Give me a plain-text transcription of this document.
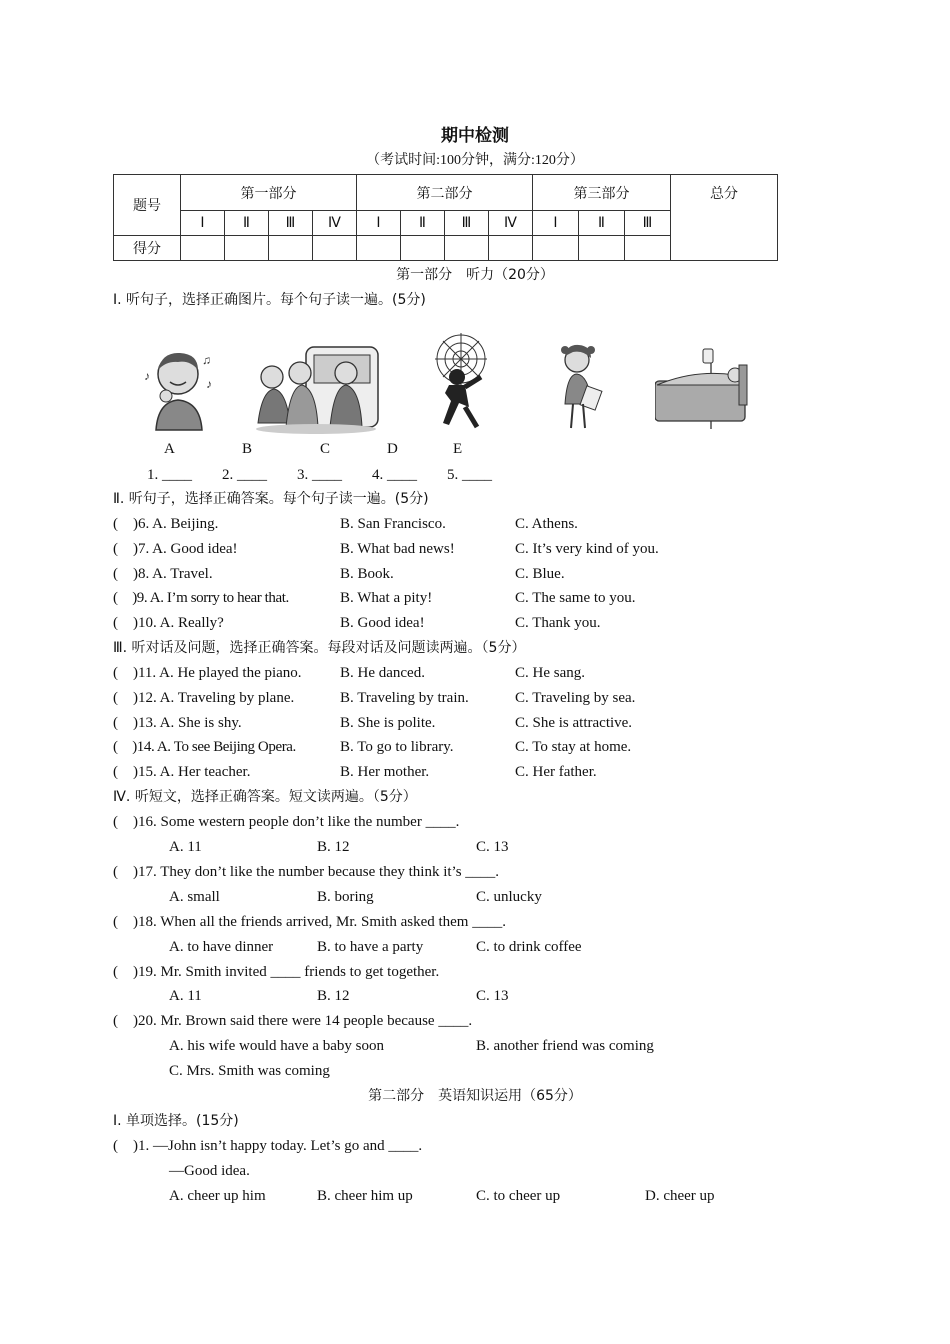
期中检测
（考试时间:100分钟，满分:120分）
题号	第一部分				第二部分				第三部分			总分
	Ⅰ	Ⅱ	Ⅲ	Ⅳ	Ⅰ	Ⅱ	Ⅲ	Ⅳ	Ⅰ	Ⅱ	Ⅲ	
得分												
第一部分　听力（20分）
Ⅰ. 听句子，选择正确图片。每个句子读一遍。(5分)
♪
♫
♪
A	B	C	D	E
1. ____　　2. ____　　3. ____　　4. ____　　5. ____
Ⅱ. 听句子，选择正确答案。每个句子读一遍。(5分)
(　)6. A. Beijing.	B. San Francisco.	C. Athens.
(　)7. A. Good idea!	B. What bad news!	C. It’s very kind of you.
(　)8. A. Travel.	B. Book.	C. Blue.
(　)9. A. I’m sorry to hear that.	B. What a pity!	C. The same to you.
(　)10. A. Really?	B. Good idea!	C. Thank you.
Ⅲ. 听对话及问题，选择正确答案。每段对话及问题读两遍。（5分）
(　)11. A. He played the piano.	B. He danced.	C. He sang.
(　)12. A. Traveling by plane.	B. Traveling by train.	C. Traveling by sea.
(　)13. A. She is shy.	B. She is polite.	C. She is attractive.
(　)14. A. To see Beijing Opera.	B. To go to library.	C. To stay at home.
(　)15. A. Her teacher.	B. Her mother.	C. Her father.
Ⅳ. 听短文，选择正确答案。短文读两遍。（5分）
(　)16. Some western people don’t like the number ____.
A. 11	B. 12	C. 13
(　)17. They don’t like the number because they think it’s ____.
A. small	B. boring	C. unlucky
(　)18. When all the friends arrived, Mr. Smith asked them ____.
A. to have dinner	B. to have a party	C. to drink coffee
(　)19. Mr. Smith invited ____ friends to get together.
A. 11	B. 12	C. 13
(　)20. Mr. Brown said there were 14 people because ____.
A. his wife would have a baby soon	B. another friend was coming
C. Mrs. Smith was coming
第二部分　英语知识运用（65分）
Ⅰ. 单项选择。(15分)
(　)1. —John isn’t happy today. Let’s go and ____.
—Good idea.
A. cheer up him	B. cheer him up	C. to cheer up	D. cheer up
